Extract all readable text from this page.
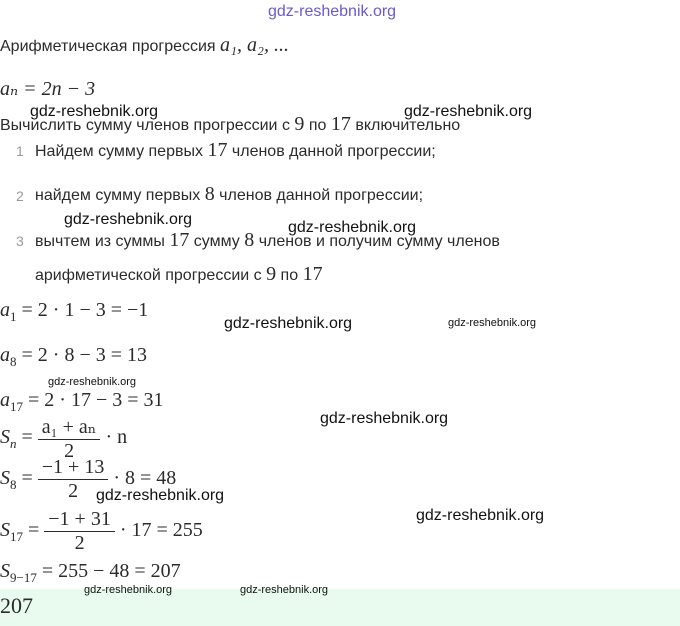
gdz-reshebnik.org
Арифметическая прогрессия a₁, a₂, ...
aₙ = 2n − 3
Вычислить сумму членов прогрессии с 9 по 17 включительно
1 Найдем сумму первых 17 членов данной прогрессии;
2 найдем сумму первых 8 членов данной прогрессии;
3 вычтем из суммы 17 сумму 8 членов и получим сумму членов
арифметической прогрессии с 9 по 17
$a_1 = 2 \cdot 1 - 3 = -1$
$a_8 = 2 \cdot 8 - 3 = 13$
$a_{17} = 2 \cdot 17 - 3 = 31$
$S_n = \frac{\text{a₁ + aₙ}}{2} \cdot n$
$S_8 = \frac{-1 + 13}{2} \cdot 8 = 48$
$S_{17} = \frac{-1 + 31}{2} \cdot 17 = 255$
$S_{9-17} = 255 - 48 = 207$
207
gdz-reshebnik.org	gdz-reshebnik.org
gdz-reshebnik.org	gdz-reshebnik.org
gdz-reshebnik.org	gdz-reshebnik.org
gdz-reshebnik.org
gdz-reshebnik.org
gdz-reshebnik.org
gdz-reshebnik.org
gdz-reshebnik.org	gdz-reshebnik.org
